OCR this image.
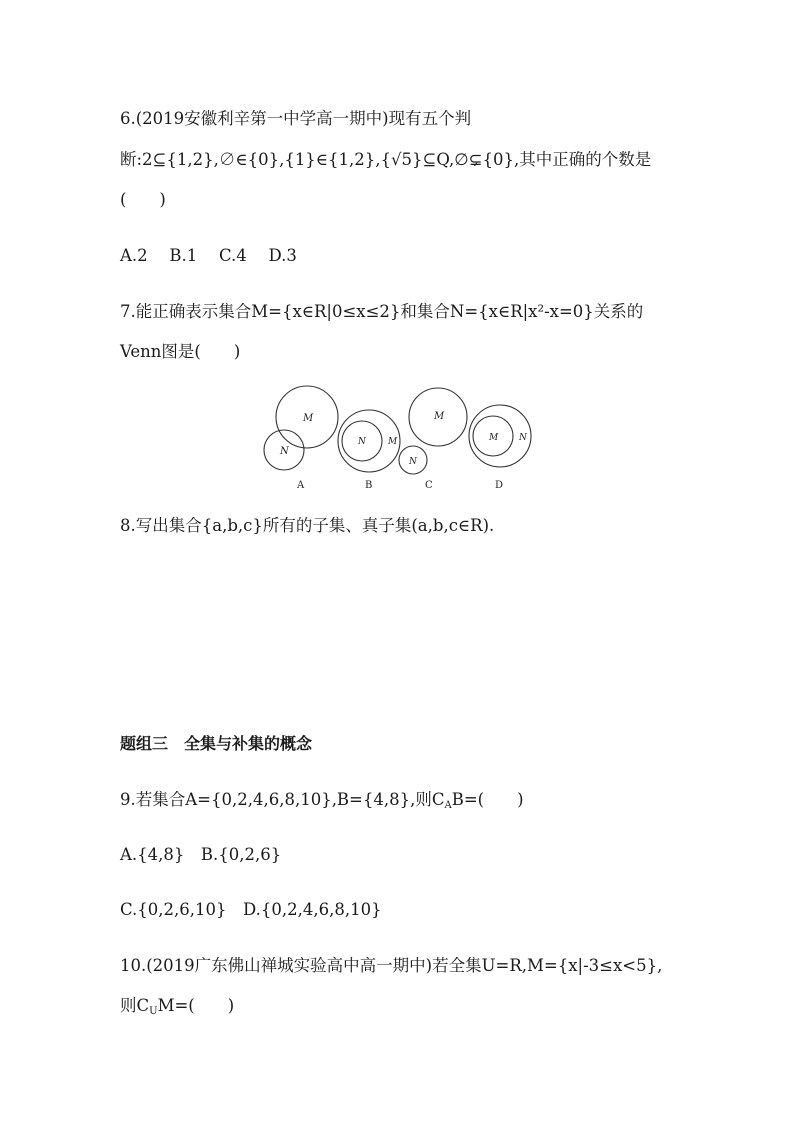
6.(2019安徽利辛第一中学高一期中)现有五个判
断:2⊆{1,2},∅∈{0},{1}∈{1,2},{√5}⊆Q,∅⊊{0},其中正确的个数是
(　　)
A.2　 B.1　 C.4　 D.3
7.能正确表示集合M={x∈R|0≤x≤2}和集合N={x∈R|x²-x=0}关系的
Venn图是(　　)
M
N
N M
M
N
M N
A	B	C	D
8.写出集合{a,b,c}所有的子集、真子集(a,b,c∈R).
题组三　全集与补集的概念
9.若集合A={0,2,4,6,8,10},B={4,8},则$C_AB=$(　　)
A.{4,8}　B.{0,2,6}
C.{0,2,6,10}　D.{0,2,4,6,8,10}
10.(2019广东佛山禅城实验高中高一期中)若全集U=R,M={x|-3≤x<5},
则$C_UM=$(　　)
